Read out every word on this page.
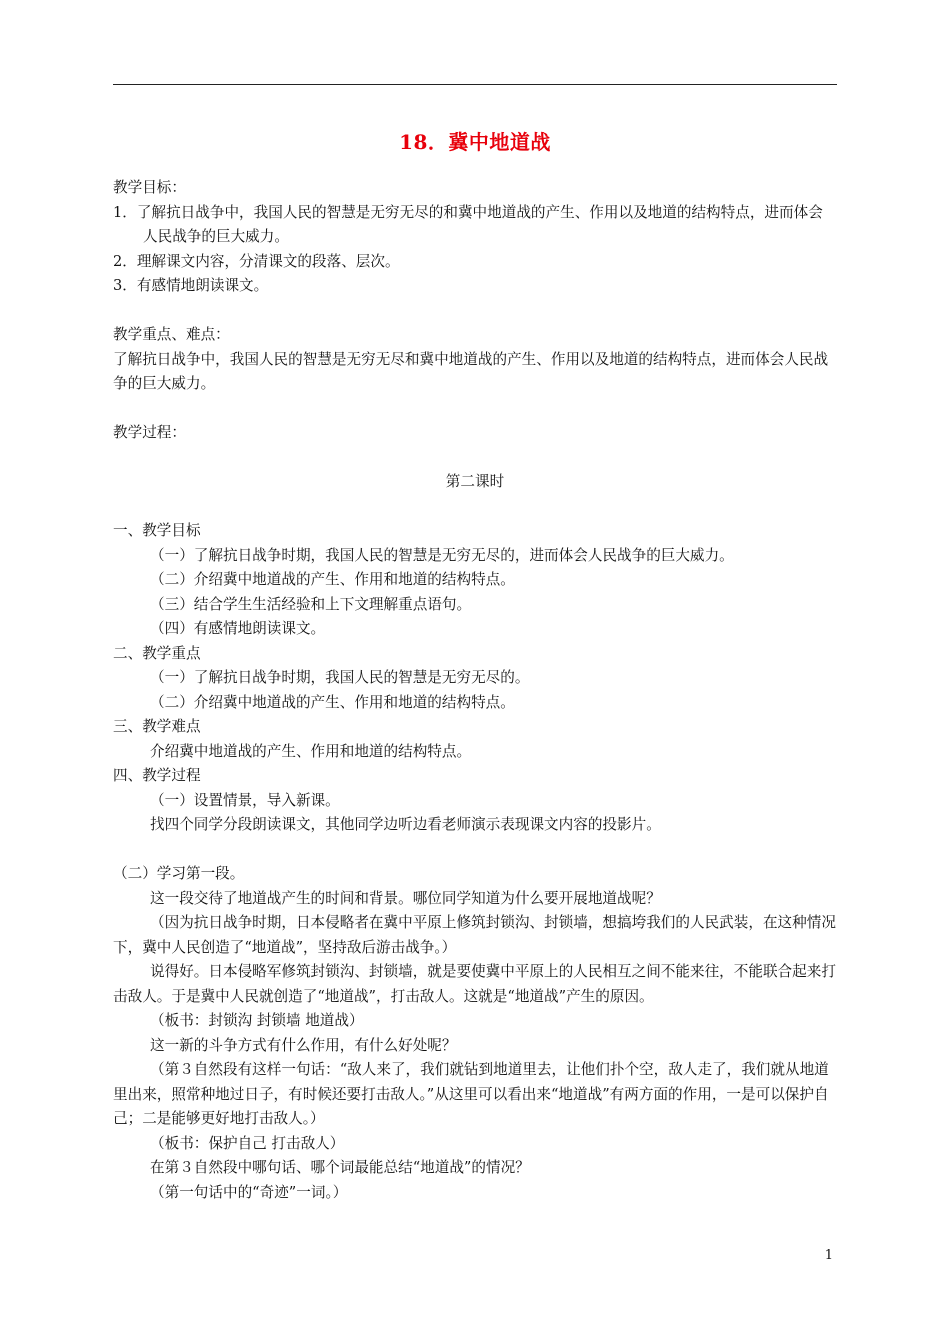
18．冀中地道战

教学目标：

1．了解抗日战争中，我国人民的智慧是无穷无尽的和冀中地道战的产生、作用以及地道的结构特点，进而体会人民战争的巨大威力。

2．理解课文内容，分清课文的段落、层次。

3．有感情地朗读课文。

教学重点、难点：

了解抗日战争中，我国人民的智慧是无穷无尽和冀中地道战的产生、作用以及地道的结构特点，进而体会人民战争的巨大威力。

教学过程：

第二课时

一、教学目标

（一）了解抗日战争时期，我国人民的智慧是无穷无尽的，进而体会人民战争的巨大威力。

（二）介绍冀中地道战的产生、作用和地道的结构特点。

（三）结合学生生活经验和上下文理解重点语句。

（四）有感情地朗读课文。

二、教学重点

（一）了解抗日战争时期，我国人民的智慧是无穷无尽的。

（二）介绍冀中地道战的产生、作用和地道的结构特点。

三、教学难点

介绍冀中地道战的产生、作用和地道的结构特点。

四、教学过程

（一）设置情景，导入新课。

找四个同学分段朗读课文，其他同学边听边看老师演示表现课文内容的投影片。

（二）学习第一段。

这一段交待了地道战产生的时间和背景。哪位同学知道为什么要开展地道战呢？

（因为抗日战争时期，日本侵略者在冀中平原上修筑封锁沟、封锁墙，想搞垮我们的人民武装，在这种情况下，冀中人民创造了“地道战”，坚持敌后游击战争。）

说得好。日本侵略军修筑封锁沟、封锁墙，就是要使冀中平原上的人民相互之间不能来往，不能联合起来打击敌人。于是冀中人民就创造了“地道战”，打击敌人。这就是“地道战”产生的原因。

（板书：封锁沟 封锁墙 地道战）

这一新的斗争方式有什么作用，有什么好处呢？

（第３自然段有这样一句话：“敌人来了，我们就钻到地道里去，让他们扑个空，敌人走了，我们就从地道里出来，照常种地过日子，有时候还要打击敌人。”从这里可以看出来“地道战”有两方面的作用，一是可以保护自己；二是能够更好地打击敌人。）

（板书：保护自己 打击敌人）

在第３自然段中哪句话、哪个词最能总结“地道战”的情况？

（第一句话中的“奇迹”一词。）

1
